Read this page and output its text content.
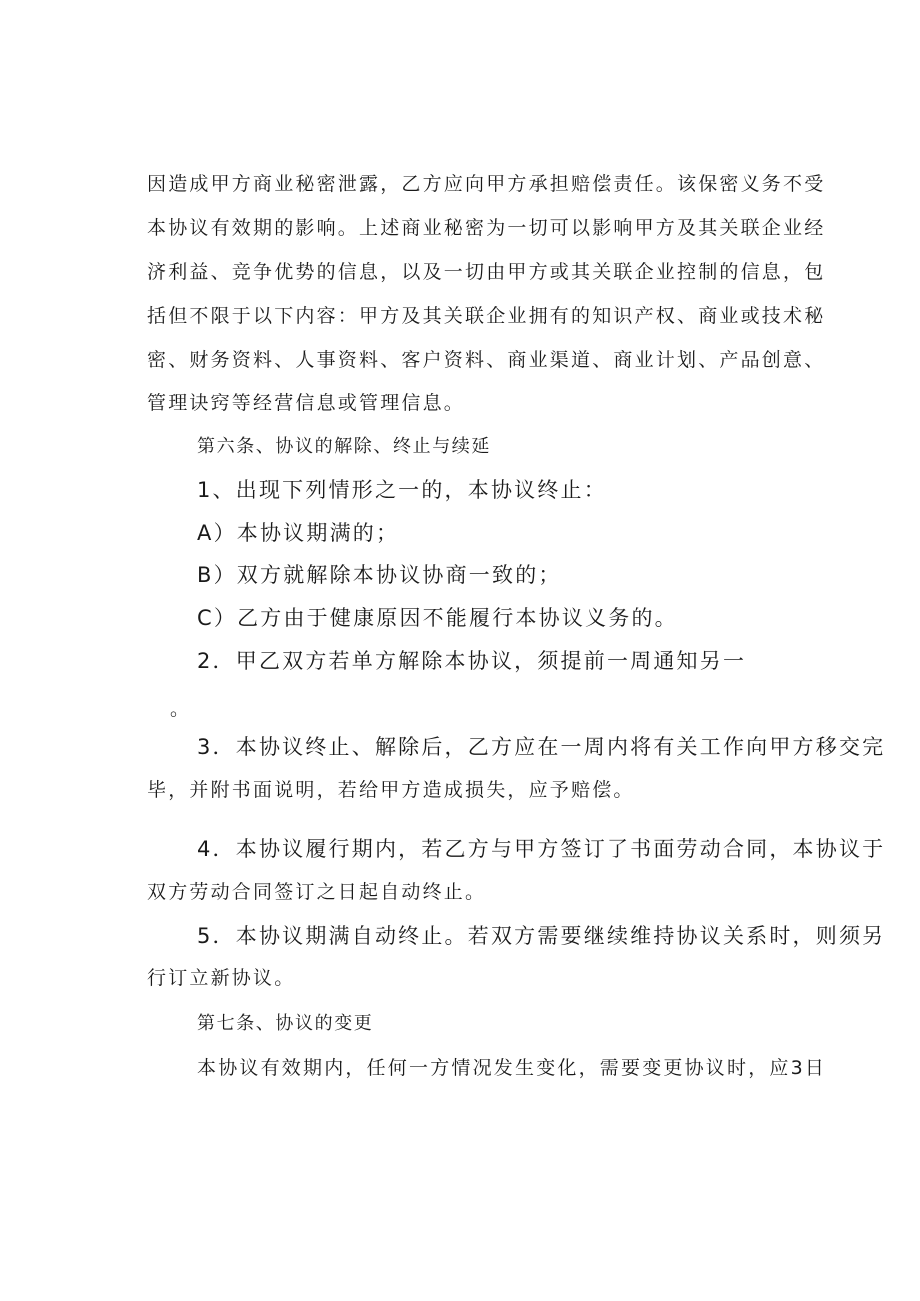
因造成甲方商业秘密泄露，乙方应向甲方承担赔偿责任。该保密义务不受
本协议有效期的影响。上述商业秘密为一切可以影响甲方及其关联企业经
济利益、竞争优势的信息，以及一切由甲方或其关联企业控制的信息，包
括但不限于以下内容：甲方及其关联企业拥有的知识产权、商业或技术秘
密、财务资料、人事资料、客户资料、商业渠道、商业计划、产品创意、
管理诀窍等经营信息或管理信息。
第六条、协议的解除、终止与续延
1、出现下列情形之一的，本协议终止：
A）本协议期满的；
B）双方就解除本协议协商一致的；
C）乙方由于健康原因不能履行本协议义务的。
2．甲乙双方若单方解除本协议，须提前一周通知另一
。
3．本协议终止、解除后，乙方应在一周内将有关工作向甲方移交完
毕，并附书面说明，若给甲方造成损失，应予赔偿。
4．本协议履行期内，若乙方与甲方签订了书面劳动合同，本协议于
双方劳动合同签订之日起自动终止。
5．本协议期满自动终止。若双方需要继续维持协议关系时，则须另
行订立新协议。
第七条、协议的变更
本协议有效期内，任何一方情况发生变化，需要变更协议时，应3日
